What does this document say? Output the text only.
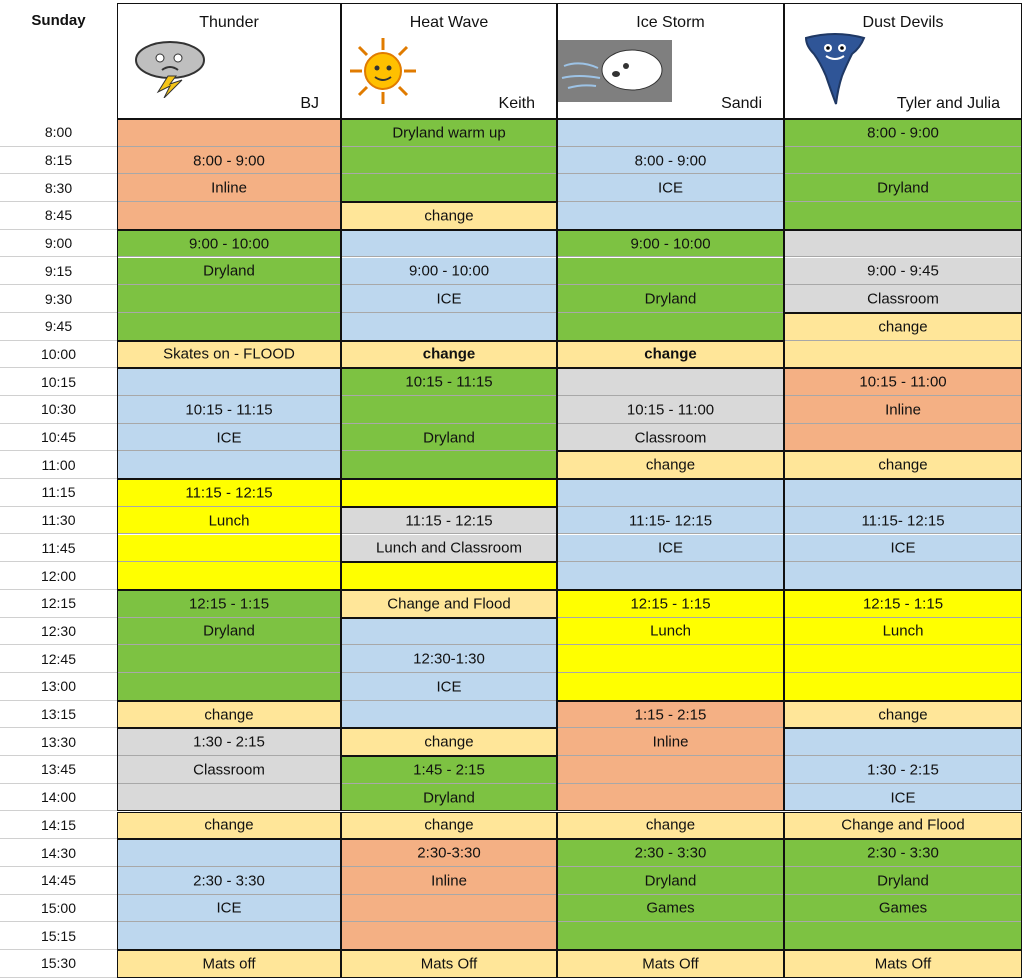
Sunday
8:00
8:15
8:30
8:45
9:00
9:15
9:30
9:45
10:00
10:15
10:30
10:45
11:00
11:15
11:30
11:45
12:00
12:15
12:30
12:45
13:00
13:15
13:30
13:45
14:00
14:15
14:30
14:45
15:00
15:15
15:30
Thunder
BJ
8:00 - 9:00
Inline
9:00 - 10:00
Dryland
Skates on - FLOOD
10:15 - 11:15
ICE
11:15 - 12:15
Lunch
12:15 - 1:15
Dryland
change
1:30 - 2:15
Classroom
change
2:30 - 3:30
ICE
Mats off
Heat Wave
Keith
Dryland warm up
change
9:00 - 10:00
ICE
change
10:15 - 11:15
Dryland
11:15 - 12:15
Lunch and Classroom
Change and Flood
12:30-1:30
ICE
change
1:45 - 2:15
Dryland
change
2:30-3:30
Inline
Mats Off
Ice Storm
Sandi
8:00 - 9:00
ICE
9:00 - 10:00
Dryland
change
10:15 - 11:00
Classroom
change
11:15- 12:15
ICE
12:15 - 1:15
Lunch
1:15 - 2:15
Inline
change
2:30 - 3:30
Dryland
Games
Mats Off
Dust Devils
Tyler and Julia
8:00 - 9:00
Dryland
9:00 - 9:45
Classroom
change
10:15 - 11:00
Inline
change
11:15- 12:15
ICE
12:15 - 1:15
Lunch
change
1:30 - 2:15
ICE
Change and Flood
2:30 - 3:30
Dryland
Games
Mats Off
